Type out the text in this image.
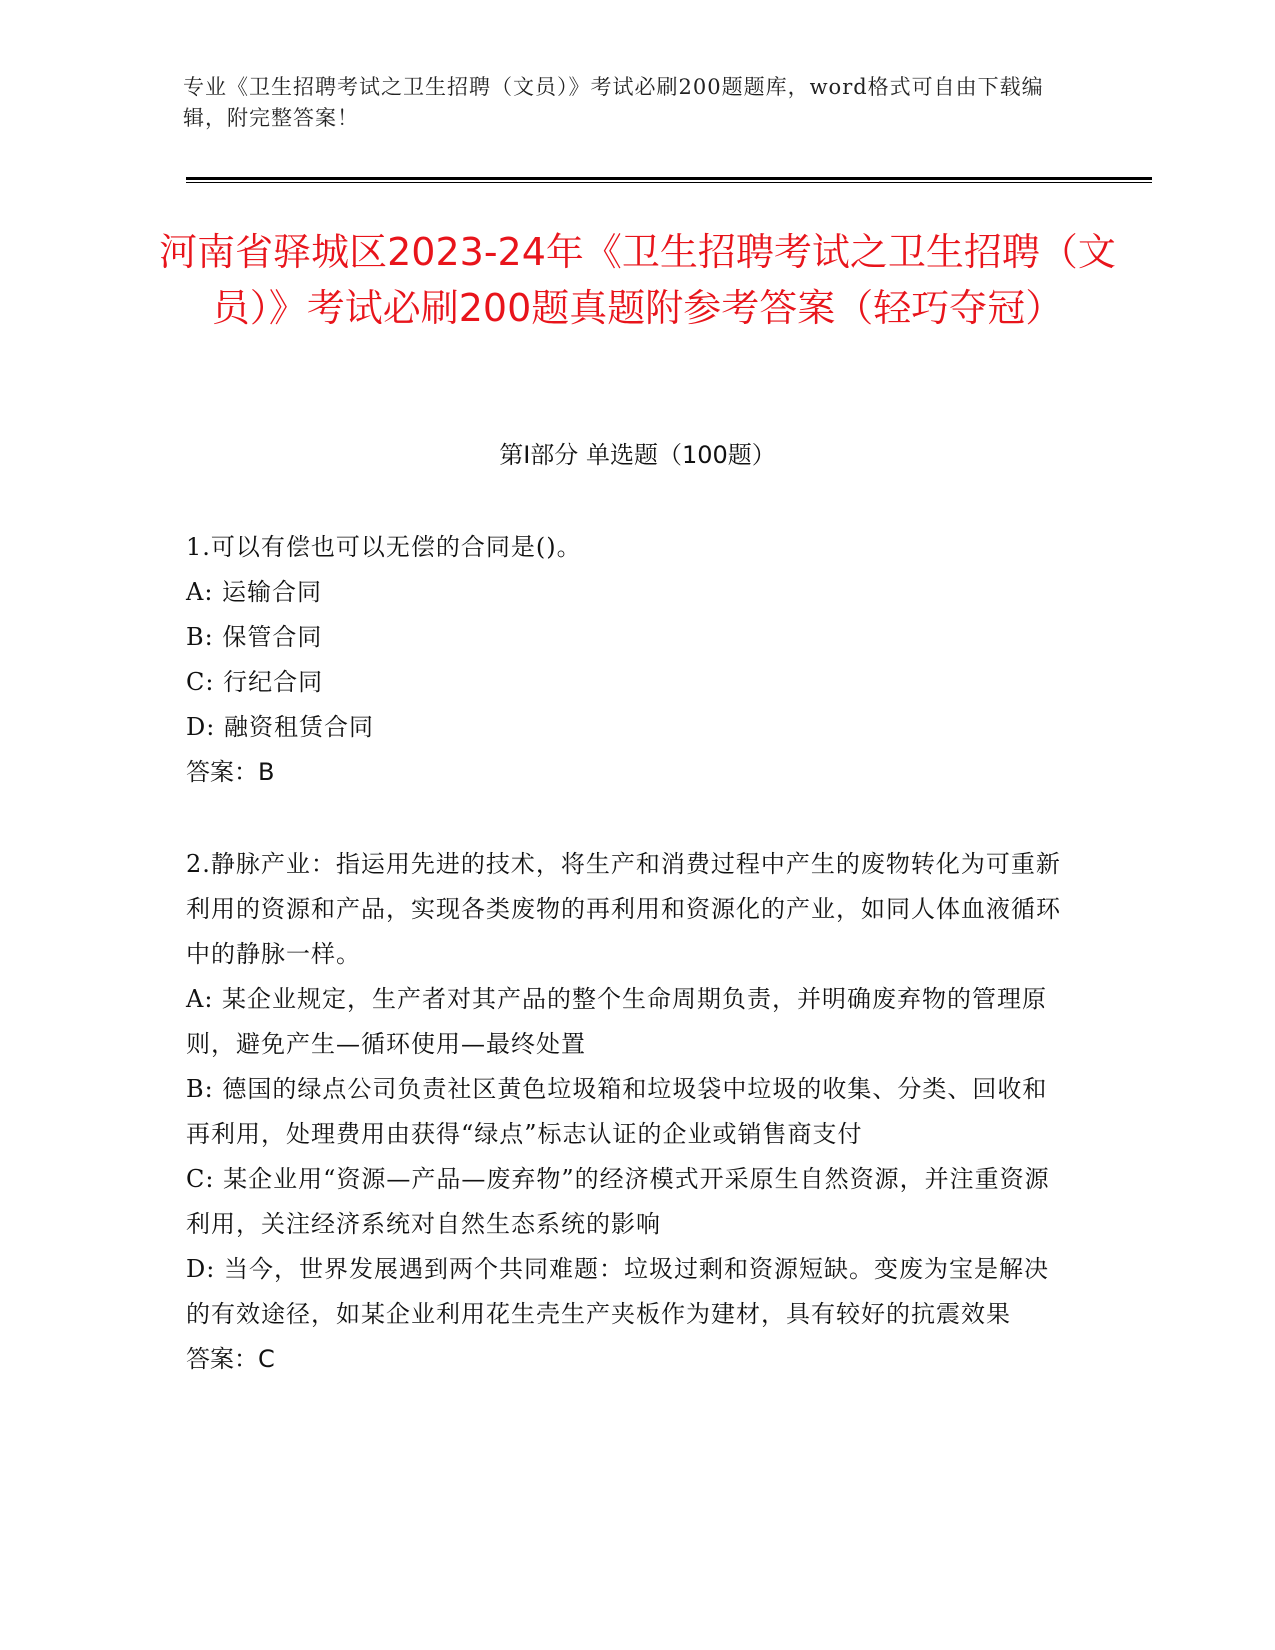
专业《卫生招聘考试之卫生招聘（文员）》考试必刷200题题库，word格式可自由下载编辑，附完整答案！
河南省驿城区2023-24年《卫生招聘考试之卫生招聘（文员）》考试必刷200题真题附参考答案（轻巧夺冠）
第Ⅰ部分 单选题（100题）
1.可以有偿也可以无偿的合同是()。
A: 运输合同
B: 保管合同
C: 行纪合同
D: 融资租赁合同
答案：B
2.静脉产业：指运用先进的技术，将生产和消费过程中产生的废物转化为可重新利用的资源和产品，实现各类废物的再利用和资源化的产业，如同人体血液循环中的静脉一样。
A: 某企业规定，生产者对其产品的整个生命周期负责，并明确废弃物的管理原则，避免产生—循环使用—最终处置
B: 德国的绿点公司负责社区黄色垃圾箱和垃圾袋中垃圾的收集、分类、回收和再利用，处理费用由获得“绿点”标志认证的企业或销售商支付
C: 某企业用“资源—产品—废弃物”的经济模式开采原生自然资源，并注重资源利用，关注经济系统对自然生态系统的影响
D: 当今，世界发展遇到两个共同难题：垃圾过剩和资源短缺。变废为宝是解决的有效途径，如某企业利用花生壳生产夹板作为建材，具有较好的抗震效果
答案：C
